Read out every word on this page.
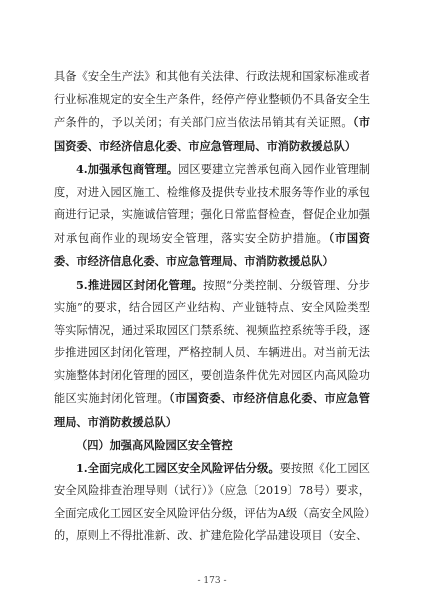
具备《安全生产法》和其他有关法律、行政法规和国家标准或者行业标准规定的安全生产条件，经停产停业整顿仍不具备安全生产条件的，予以关闭；有关部门应当依法吊销其有关证照。（市国资委、市经济信息化委、市应急管理局、市消防救援总队）

4.加强承包商管理。园区要建立完善承包商入园作业管理制度，对进入园区施工、检维修及提供专业技术服务等作业的承包商进行记录，实施诚信管理；强化日常监督检查，督促企业加强对承包商作业的现场安全管理，落实安全防护措施。（市国资委、市经济信息化委、市应急管理局、市消防救援总队）

5.推进园区封闭化管理。按照“分类控制、分级管理、分步实施”的要求，结合园区产业结构、产业链特点、安全风险类型等实际情况，通过采取园区门禁系统、视频监控系统等手段，逐步推进园区封闭化管理，严格控制人员、车辆进出。对当前无法实施整体封闭化管理的园区，要创造条件优先对园区内高风险功能区实施封闭化管理。（市国资委、市经济信息化委、市应急管理局、市消防救援总队）

（四）加强高风险园区安全管控

1.全面完成化工园区安全风险评估分级。要按照《化工园区安全风险排查治理导则（试行）》（应急〔2019〕78号）要求，全面完成化工园区安全风险评估分级，评估为A级（高安全风险）的，原则上不得批准新、改、扩建危险化学品建设项目（安全、

- 173 -
